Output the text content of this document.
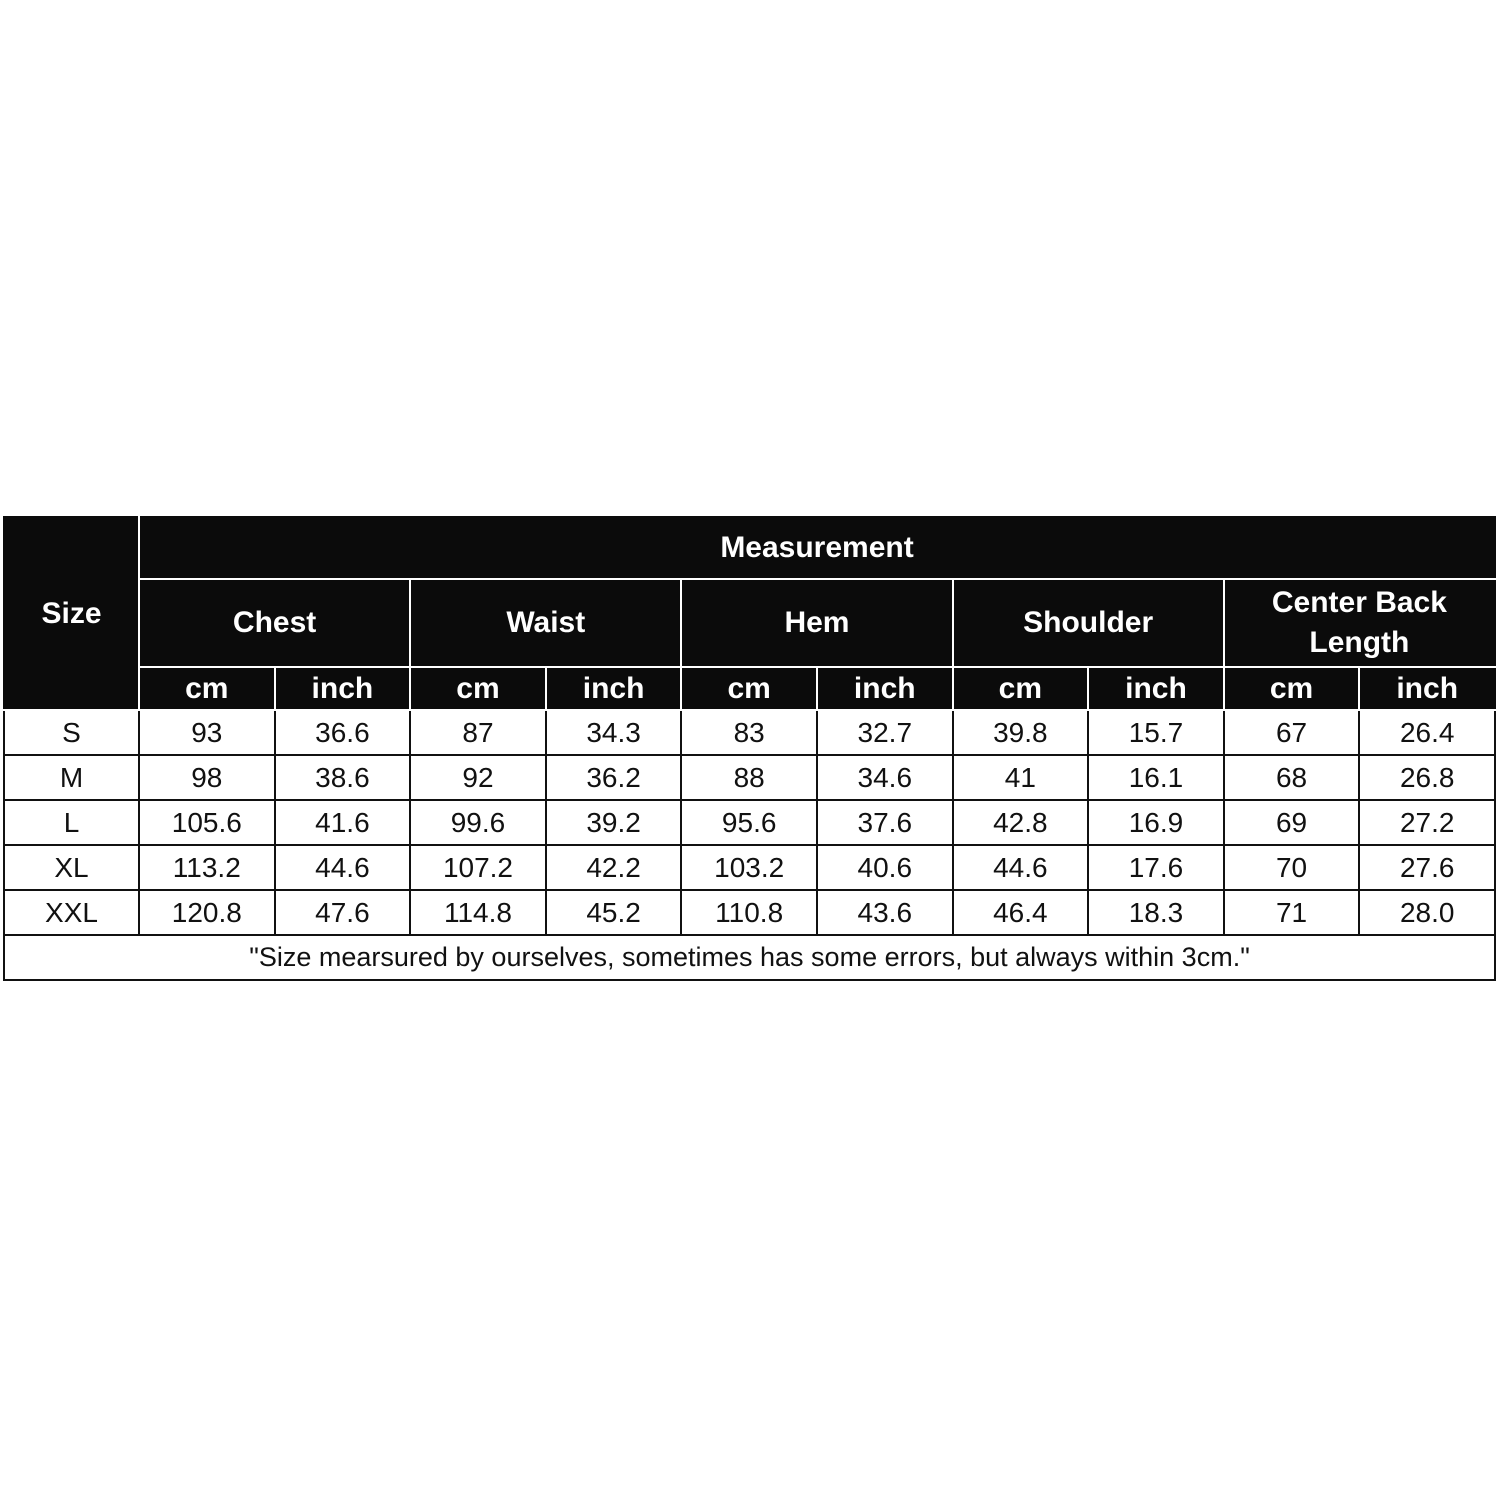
Size	Measurement									
	Chest		Waist		Hem		Shoulder		Center Back Length	

	cm	inch	cm	inch	cm	inch	cm	inch	cm	inch
S	93	36.6	87	34.3	83	32.7	39.8	15.7	67	26.4
M	98	38.6	92	36.2	88	34.6	41	16.1	68	26.8
L	105.6	41.6	99.6	39.2	95.6	37.6	42.8	16.9	69	27.2
XL	113.2	44.6	107.2	42.2	103.2	40.6	44.6	17.6	70	27.6
XXL	120.8	47.6	114.8	45.2	110.8	43.6	46.4	18.3	71	28.0
"Size mearsured by ourselves, sometimes has some errors, but always within 3cm."										
